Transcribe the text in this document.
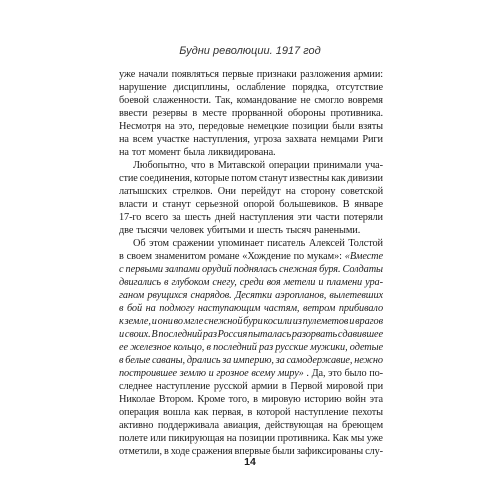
Будни революции. 1917 год
уже начали появляться первые признаки разложения армии:
нарушение дисциплины, ослабление порядка, отсутствие
боевой слаженности. Так, командование не смогло вовремя
ввести резервы в месте прорванной обороны противника.
Несмотря на это, передовые немецкие позиции были взяты
на всем участке наступления, угроза захвата немцами Риги
на тот момент была ликвидирована.
Любопытно, что в Митавской операции принимали уча-
стие соединения, которые потом станут известны как дивизии
латышских стрелков. Они перейдут на сторону советской
власти и станут серьезной опорой большевиков. В январе
17-го всего за шесть дней наступления эти части потеряли
две тысячи человек убитыми и шесть тысяч ранеными.
Об этом сражении упоминает писатель Алексей Толстой
в своем знаменитом романе «Хождение по мукам»: «Вместе
с первыми залпами орудий поднялась снежная буря. Солдаты
двигались в глубоком снегу, среди воя метели и пламени ура-
ганом рвущихся снарядов. Десятки аэропланов, вылетевших
в бой на подмогу наступающим частям, ветром прибивало
к земле, и они во мгле снежной бури косили из пулеметов и врагов
и своих. В последний раз Россия пыталась разорвать сдавившее
ее железное кольцо, в последний раз русские мужики, одетые
в белые саваны, дрались за империю, за самодержавие, нежно
построившее землю и грозное всему миру» . Да, это было по-
следнее наступление русской армии в Первой мировой при
Николае Втором. Кроме того, в мировую историю войн эта
операция вошла как первая, в которой наступление пехоты
активно поддерживала авиация, действующая на бреющем
полете или пикирующая на позиции противника. Как мы уже
отметили, в ходе сражения впервые были зафиксированы слу-
14
